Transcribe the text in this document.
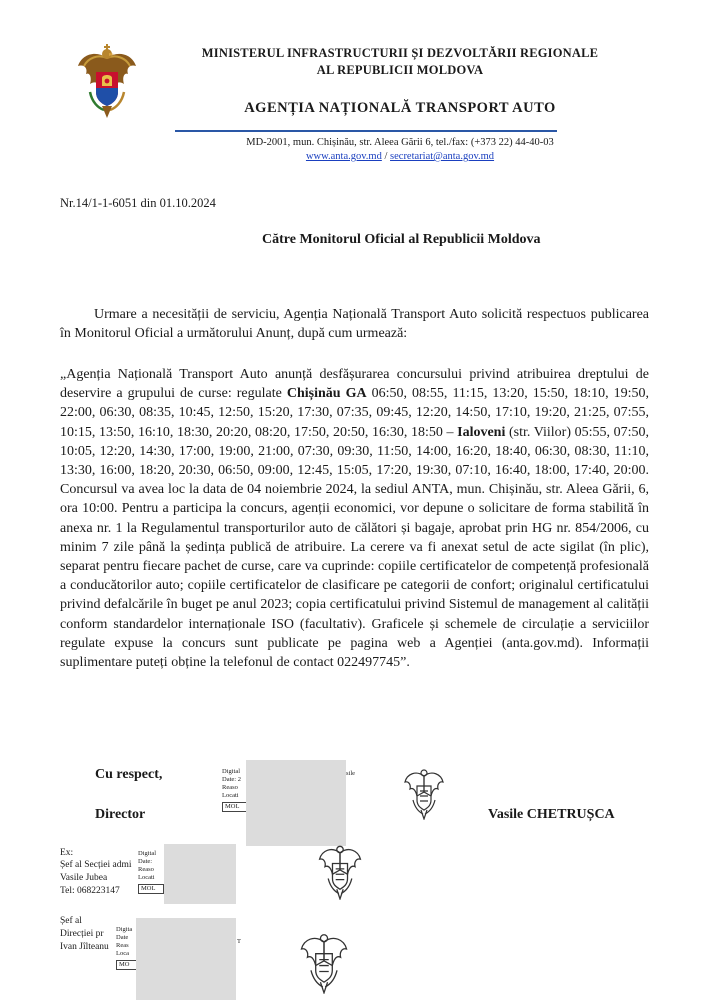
MINISTERUL INFRASTRUCTURII ȘI DEZVOLTĂRII REGIONALE
AL REPUBLICII MOLDOVA
AGENȚIA NAȚIONALĂ TRANSPORT AUTO
MD-2001, mun. Chișinău, str. Aleea Gării 6, tel./fax: (+373 22) 44-40-03
www.anta.gov.md / secretariat@anta.gov.md
Nr.14/1-1-6051 din 01.10.2024
Către Monitorul Oficial al Republicii Moldova
Urmare a necesității de serviciu, Agenția Națională Transport Auto solicită respectuos publicarea în Monitorul Oficial a următorului Anunț, după cum urmează:
„Agenția Națională Transport Auto anunță desfășurarea concursului privind atribuirea dreptului de deservire a grupului de curse: regulate Chișinău GA 06:50, 08:55, 11:15, 13:20, 15:50, 18:10, 19:50, 22:00, 06:30, 08:35, 10:45, 12:50, 15:20, 17:30, 07:35, 09:45, 12:20, 14:50, 17:10, 19:20, 21:25, 07:55, 10:15, 13:50, 16:10, 18:30, 20:20, 08:20, 17:50, 20:50, 16:30, 18:50 – Ialoveni (str. Viilor) 05:55, 07:50, 10:05, 12:20, 14:30, 17:00, 19:00, 21:00, 07:30, 09:30, 11:50, 14:00, 16:20, 18:40, 06:30, 08:30, 11:10, 13:30, 16:00, 18:20, 20:30, 06:50, 09:00, 12:45, 15:05, 17:20, 19:30, 07:10, 16:40, 18:00, 17:40, 20:00. Concursul va avea loc la data de 04 noiembrie 2024, la sediul ANTA, mun. Chișinău, str. Aleea Gării, 6, ora 10:00. Pentru a participa la concurs, agenții economici, vor depune o solicitare de forma stabilită în anexa nr. 1 la Regulamentul transporturilor auto de călători și bagaje, aprobat prin HG nr. 854/2006, cu minim 7 zile până la ședința publică de atribuire. La cerere va fi anexat setul de acte sigilat (în plic), separat pentru fiecare pachet de curse, care va cuprinde: copiile certificatelor de competență profesională a conducătorilor auto; copiile certificatelor de clasificare pe categorii de confort; originalul certificatului privind defalcările în buget pe anul 2023; copia certificatului privind Sistemul de management al calității conform standardelor internaționale ISO (facultativ). Graficele și schemele de circulație a serviciilor regulate expuse la concurs sunt publicate pe pagina web a Agenției (anta.gov.md). Informații suplimentare puteți obține la telefonul de contact 022497745”.
Cu respect,
Director	Vasile CHETRUȘCA
Digital
Date: 2
Reaso
Locati
MOL
sile
Ex:
Șef al Secției admi
Vasile Jubea
Tel: 068223147
Digital
Date:
Reaso
Locati
MOL
Șef al
Direcției pr
Ivan Jîlteanu
Digita
Date
Reas
Loca
MO
T
